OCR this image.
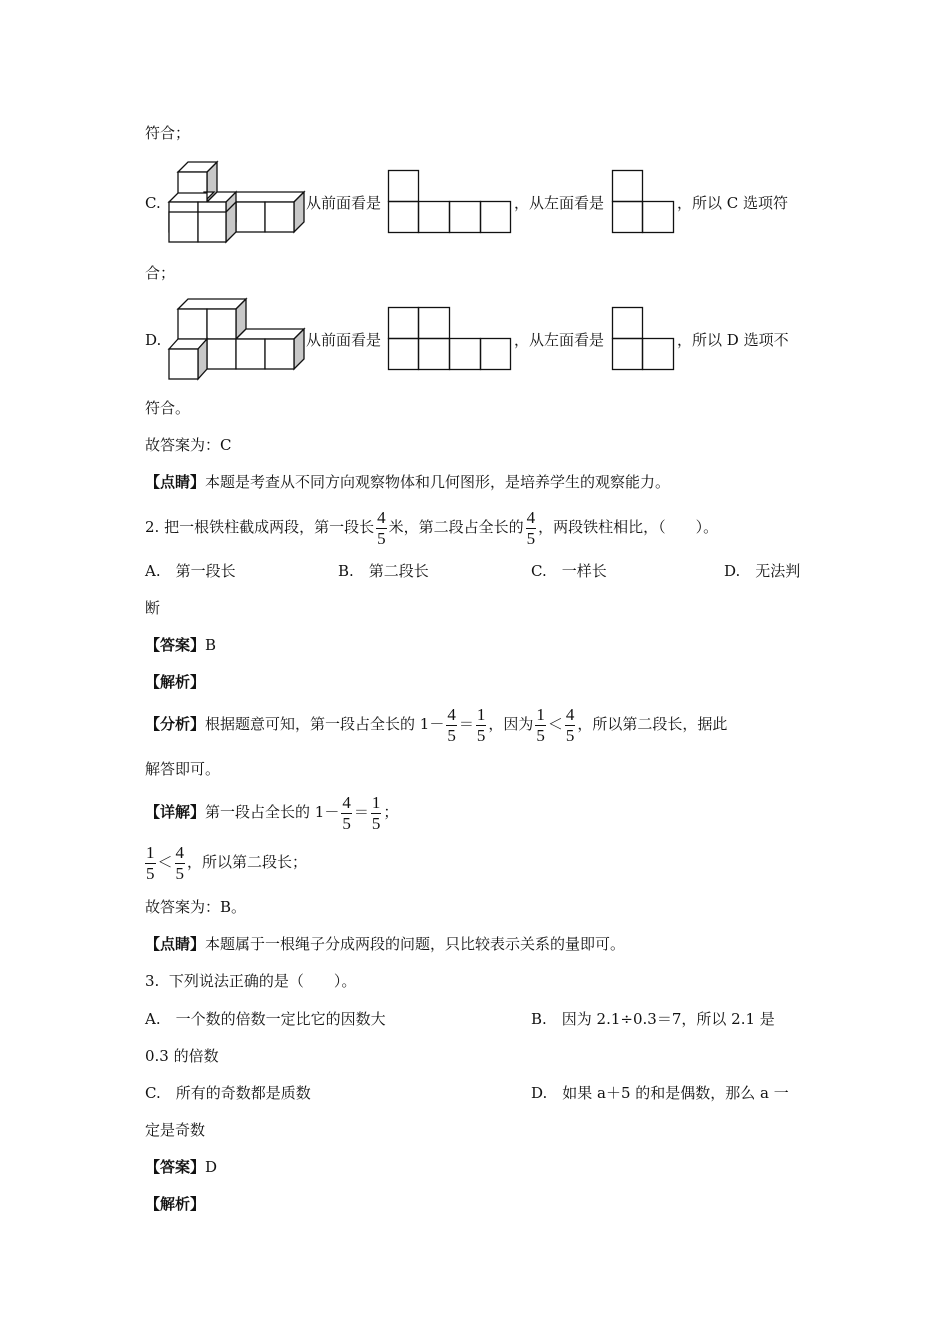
符合；
C.	从前面看是	，从左面看是	，所以 C 选项符
合；
D.	从前面看是	，从左面看是	，所以 D 选项不
符合。
故答案为：C
【点睛】本题是考查从不同方向观察物体和几何图形，是培养学生的观察能力。
2. 把一根铁柱截成两段，第一段长 $\frac{4}{5}$ 米，第二段占全长的 $\frac{4}{5}$ ，两段铁柱相比，（　　）。
A.　第一段长	B.　第二段长	C.　一样长	D.　无法判
断
【答案】B
【解析】
【分析】根据题意可知，第一段占全长的 $1- \frac{4}{5} = \frac{1}{5}$ ，因为 $\frac{1}{5} < \frac{4}{5}$ ，所以第二段长，据此
解答即可。
【详解】第一段占全长的 $1- \frac{4}{5} = \frac{1}{5}$ ；
$\frac{1}{5} < \frac{4}{5}$ ，所以第二段长；
故答案为：B。
【点睛】本题属于一根绳子分成两段的问题，只比较表示关系的量即可。
3. 下列说法正确的是（　　）。
A.　一个数的倍数一定比它的因数大	B.　因为 2.1÷0.3＝7，所以 2.1 是
0.3 的倍数
C.　所有的奇数都是质数	D.　如果 a＋5 的和是偶数，那么 a 一
定是奇数
【答案】D
【解析】
